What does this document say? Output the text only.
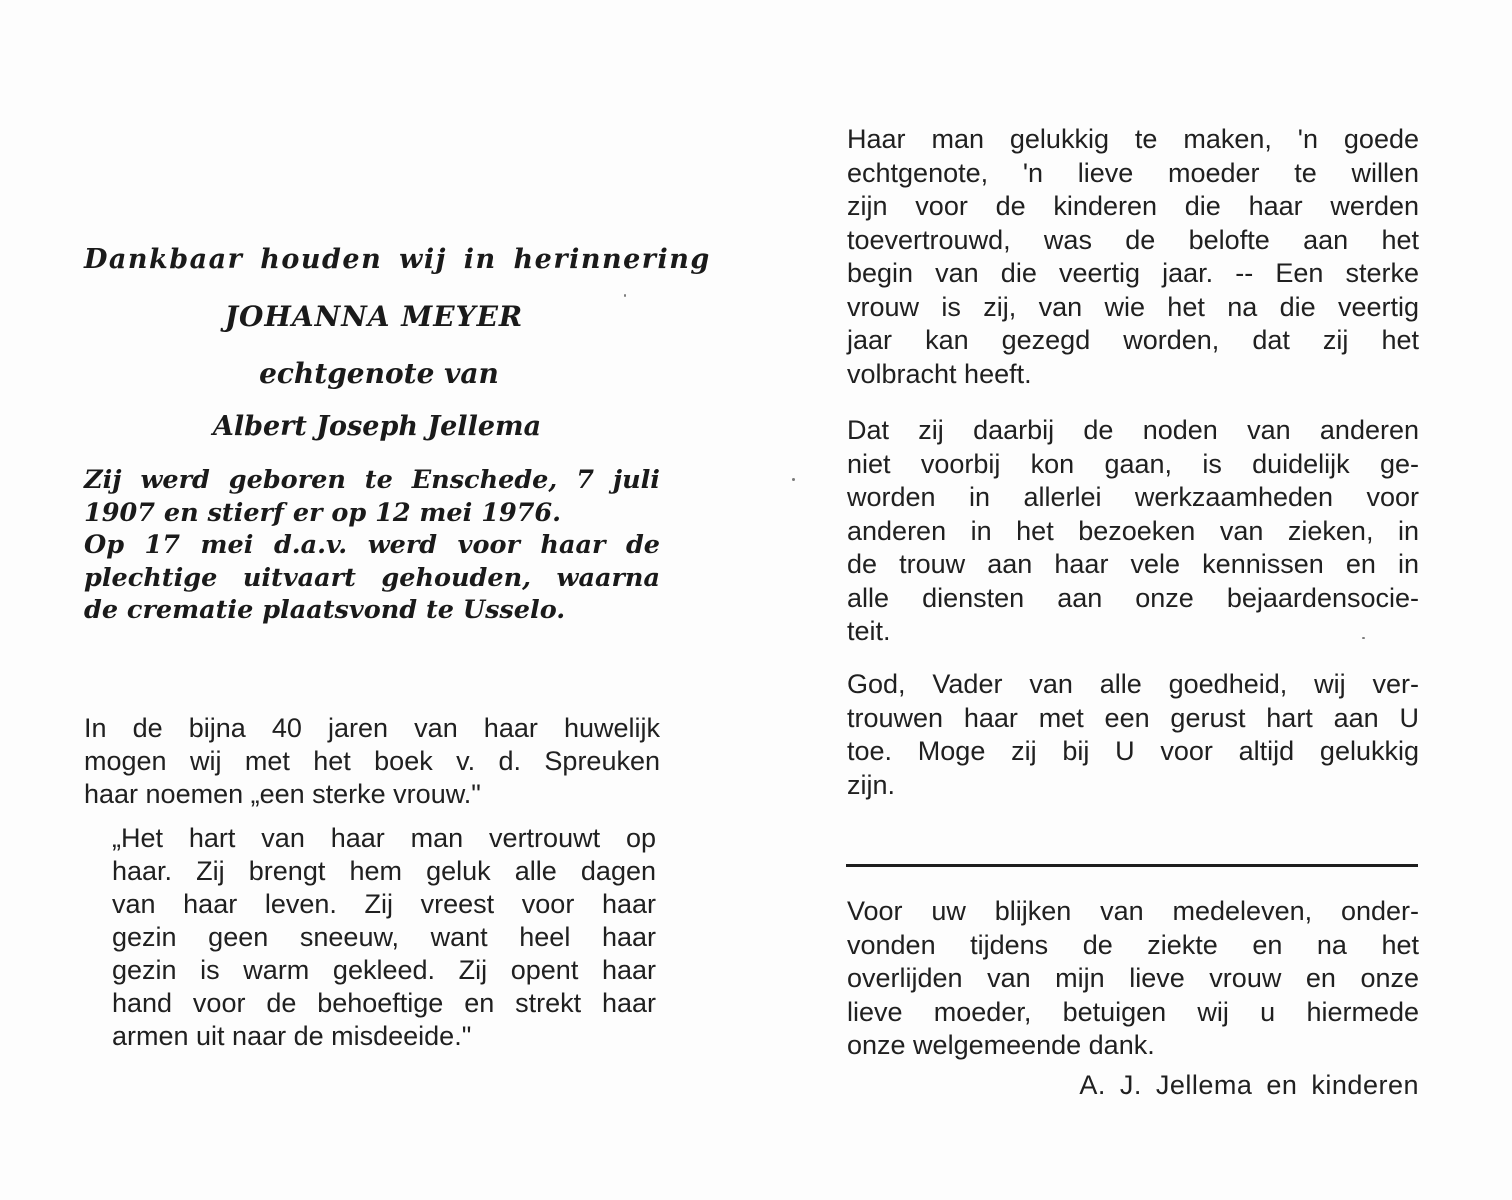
Dankbaar houden wij in herinnering

JOHANNA MEYER

echtgenote van

Albert Joseph Jellema

Zij werd geboren te Enschede, 7 juli
1907 en stierf er op 12 mei 1976.
Op 17 mei d.a.v. werd voor haar de
plechtige uitvaart gehouden, waarna
de crematie plaatsvond te Usselo.
In de bijna 40 jaren van haar huwelijk
mogen wij met het boek v. d. Spreuken
haar noemen „een sterke vrouw."
„Het hart van haar man vertrouwt op
haar. Zij brengt hem geluk alle dagen
van haar leven. Zij vreest voor haar
gezin geen sneeuw, want heel haar
gezin is warm gekleed. Zij opent haar
hand voor de behoeftige en strekt haar
armen uit naar de misdeeide."
Haar man gelukkig te maken, 'n goede
echtgenote, 'n lieve moeder te willen
zijn voor de kinderen die haar werden
toevertrouwd, was de belofte aan het
begin van die veertig jaar. -- Een sterke
vrouw is zij, van wie het na die veertig
jaar kan gezegd worden, dat zij het
volbracht heeft.
Dat zij daarbij de noden van anderen
niet voorbij kon gaan, is duidelijk ge-
worden in allerlei werkzaamheden voor
anderen in het bezoeken van zieken, in
de trouw aan haar vele kennissen en in
alle diensten aan onze bejaardensocie-
teit.
God, Vader van alle goedheid, wij ver-
trouwen haar met een gerust hart aan U
toe. Moge zij bij U voor altijd gelukkig
zijn.
Voor uw blijken van medeleven, onder-
vonden tijdens de ziekte en na het
overlijden van mijn lieve vrouw en onze
lieve moeder, betuigen wij u hiermede
onze welgemeende dank.

A. J. Jellema en kinderen
